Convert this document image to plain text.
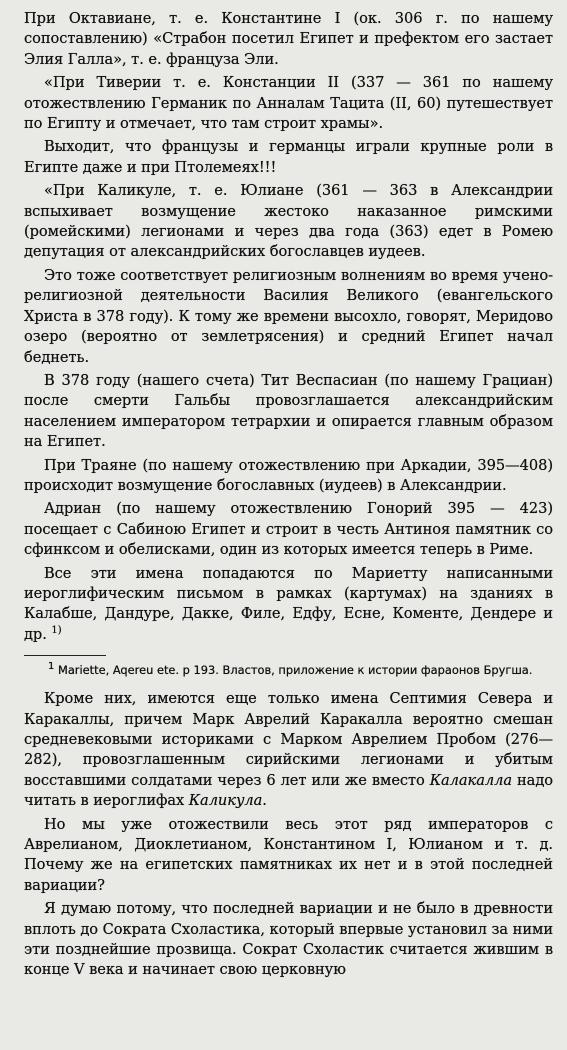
При Октавиане, т. е. Константине I (ок. 306 г. по нашему сопоставлению) «Страбон посетил Египет и префектом его застает Элия Галла», т. е. француза Эли.

«При Тиверии т. е. Констанции II (337 — 361 по нашему отожествлению Германик по Анналам Тацита (II, 60) путешествует по Египту и отмечает, что там строит храмы».

Выходит, что французы и германцы играли крупные роли в Египте даже и при Птолемеях!!!

«При Каликуле, т. е. Юлиане (361 — 363 в Александрии вспыхивает возмущение жестоко наказанное римскими (ромейскими) легионами и через два года (363) едет в Ромею депутация от александрийских богославцев иудеев.

Это тоже соответствует религиозным волнениям во время учено-религиозной деятельности Василия Великого (евангельского Христа в 378 году). К тому же времени высохло, говорят, Меридово озеро (вероятно от землетрясения) и средний Египет начал беднеть.

В 378 году (нашего счета) Тит Веспасиан (по нашему Грациан) после смерти Гальбы провозглашается александрийским населением императором тетрархии и опирается главным образом на Египет.

При Траяне (по нашему отожествлению при Аркадии, 395—408) происходит возмущение богославных (иудеев) в Александрии.

Адриан (по нашему отожествлению Гонорий 395 — 423) посещает с Сабиною Египет и строит в честь Антиноя памятник со сфинксом и обелисками, один из которых имеется теперь в Риме.

Все эти имена попадаются по Мариетту написанными иероглифическим письмом в рамках (картумах) на зданиях в Калабше, Дандуре, Дакке, Филе, Едфу, Есне, Коменте, Дендере и др. $^{1)}$

1 Mariette, Aqereu ete. p 193. Властов, приложение к истории фараонов Бругша.

Кроме них, имеются еще только имена Септимия Севера и Каракаллы, причем Марк Аврелий Каракалла вероятно смешан средневековыми историками с Марком Аврелием Пробом (276—282), провозглашенным сирийскими легионами и убитым восставшими солдатами через 6 лет или же вместо Калакалла надо читать в иероглифах Каликула.

Но мы уже отожествили весь этот ряд императоров с Аврелианом, Диоклетианом, Константином I, Юлианом и т. д. Почему же на египетских памятниках их нет и в этой последней вариации?

Я думаю потому, что последней вариации и не было в древности вплоть до Сократа Схоластика, который впервые установил за ними эти позднейшие прозвища. Сократ Схоластик считается жившим в конце V века и начинает свою церковную
